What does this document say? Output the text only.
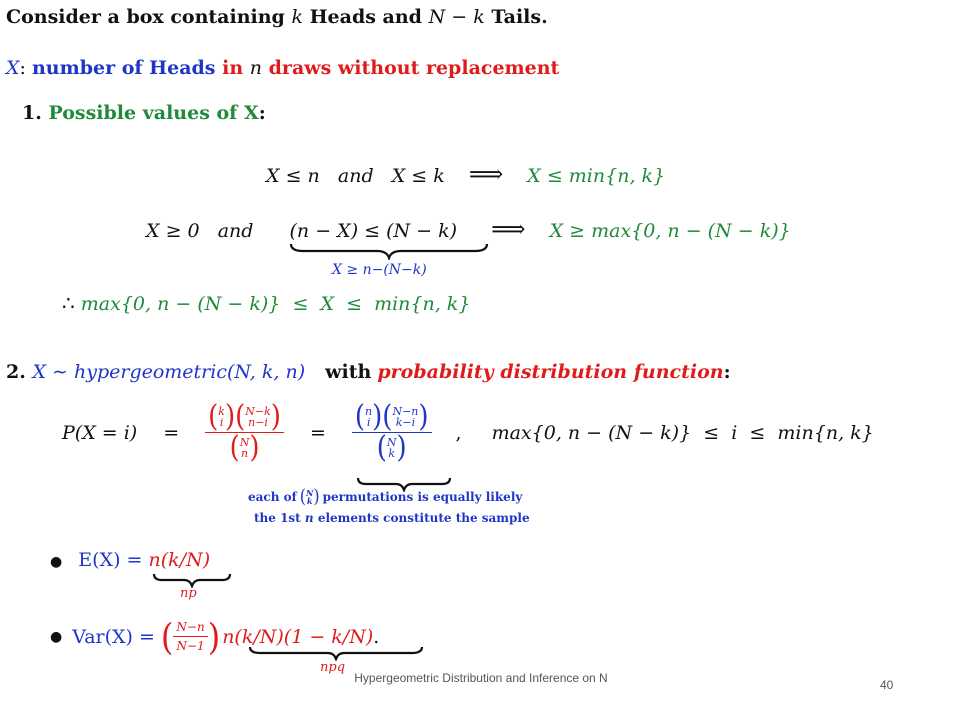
Consider a box containing k Heads and N − k Tails.
X: number of Heads in n draws without replacement
1. Possible values of X:
X ≤ n   and   X ≤ k ⟹ X ≤ min{n, k}
X ≥ 0   and (n − X) ≤ (N − k) ⟹ X ≥ max{0, n − (N − k)}
X ≥ n−(N−k)
∴ max{0, n − (N − k)}  ≤  X  ≤  min{n, k}
2. X ∼ hypergeometric(N, k, n) with probability distribution function:
P(X = i) = ( k
i ) ( N−k
n−i )
( N
n ) = ( n
i ) ( N−n
k−i )
( N
k ) , max{0, n − (N − k)}  ≤  i  ≤  min{n, k}
each of ( N
k ) permutations is equally likely
the 1st n elements constitute the sample
● E(X) = n(k/N)
np
● Var(X) = ( $\frac{N-n}{N-1}$ ) n(k/N)(1 − k/N) .
npq
Hypergeometric Distribution and Inference on N	40
